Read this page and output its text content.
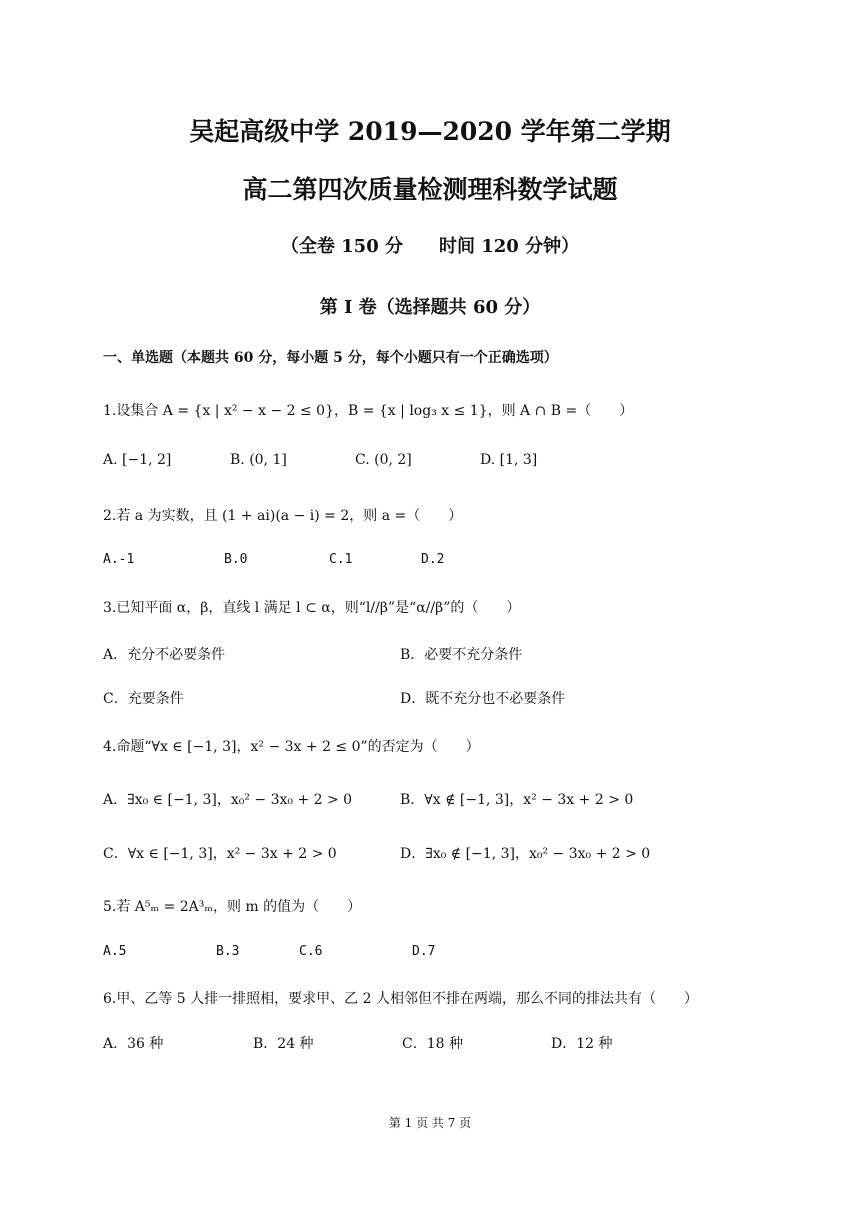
吴起高级中学 2019—2020 学年第二学期
高二第四次质量检测理科数学试题
（全卷 150 分　　时间 120 分钟）
第 I 卷（选择题共 60 分）
一、单选题（本题共 60 分，每小题 5 分，每个小题只有一个正确选项）
1.设集合 A = {x | x² − x − 2 ≤ 0}，B = {x | log₃ x ≤ 1}，则 A ∩ B =（　　）
A. [−1, 2]	B. (0, 1]	C. (0, 2]	D. [1, 3]
2.若 a 为实数，且 (1 + ai)(a − i) = 2，则 a =（　　）
A.-1	B.0	C.1	D.2
3.已知平面 α，β，直线 l 满足 l ⊂ α，则“l//β”是“α//β”的（　　）
A．充分不必要条件	B．必要不充分条件
C．充要条件	D．既不充分也不必要条件
4.命题“∀x ∈ [−1, 3]，x² − 3x + 2 ≤ 0”的否定为（　　）
A．∃x₀ ∈ [−1, 3]，x₀² − 3x₀ + 2 > 0	B．∀x ∉ [−1, 3]，x² − 3x + 2 > 0
C．∀x ∈ [−1, 3]，x² − 3x + 2 > 0	D．∃x₀ ∉ [−1, 3]，x₀² − 3x₀ + 2 > 0
5.若 A⁵ₘ = 2A³ₘ，则 m 的值为（　　）
A.5	B.3	C.6	D.7
6.甲、乙等 5 人排一排照相，要求甲、乙 2 人相邻但不排在两端，那么不同的排法共有（　　）
A．36 种	B．24 种	C．18 种	D．12 种
第 1 页 共 7 页
